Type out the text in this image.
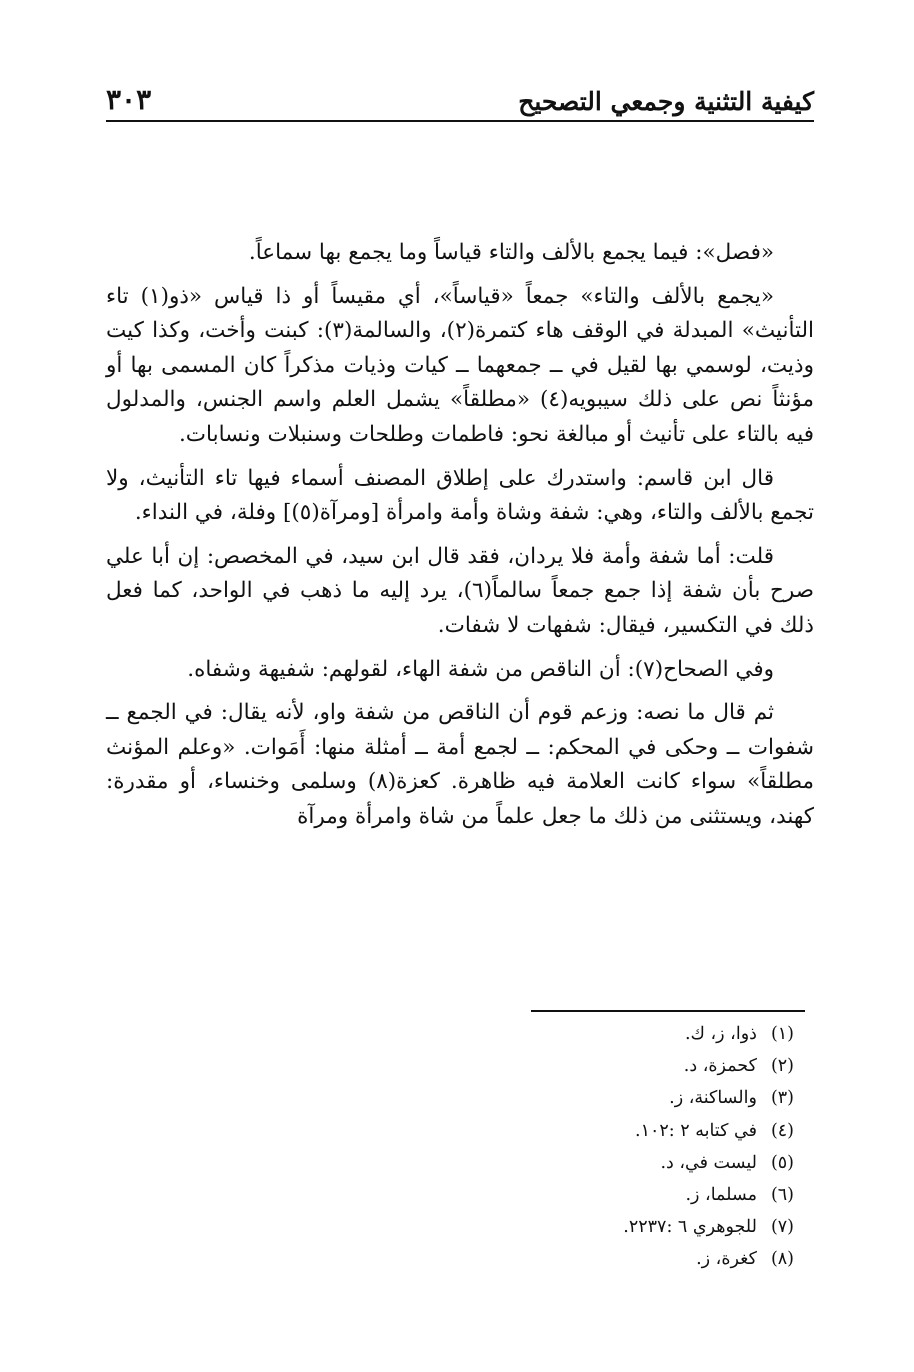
كيفية التثنية وجمعي التصحيح
٣٠٣

«فصل»: فيما يجمع بالألف والتاء قياساً وما يجمع بها سماعاً.

«يجمع بالألف والتاء» جمعاً «قياساً»، أي مقيساً أو ذا قياس «ذو(١) تاء التأنيث» المبدلة في الوقف هاء كتمرة(٢)، والسالمة(٣): كبنت وأخت، وكذا كيت وذيت، لوسمي بها لقيل في ــ جمعهما ــ كيات وذيات مذكراً كان المسمى بها أو مؤنثاً نص على ذلك سيبويه(٤) «مطلقاً» يشمل العلم واسم الجنس، والمدلول فيه بالتاء على تأنيث أو مبالغة نحو: فاطمات وطلحات وسنبلات ونسابات.

قال ابن قاسم: واستدرك على إطلاق المصنف أسماء فيها تاء التأنيث، ولا تجمع بالألف والتاء، وهي: شفة وشاة وأمة وامرأة [ومرآة(٥)] وفلة، في النداء.

قلت: أما شفة وأمة فلا يردان، فقد قال ابن سيد، في المخصص: إن أبا علي صرح بأن شفة إذا جمع جمعاً سالماً(٦)، يرد إليه ما ذهب في الواحد، كما فعل ذلك في التكسير، فيقال: شفهات لا شفات.

وفي الصحاح(٧): أن الناقص من شفة الهاء، لقولهم: شفيهة وشفاه.

ثم قال ما نصه: وزعم قوم أن الناقص من شفة واو، لأنه يقال: في الجمع ــ شفوات ــ وحكى في المحكم: ــ لجمع أمة ــ أمثلة منها: أَمَوات. «وعلم المؤنث مطلقاً» سواء كانت العلامة فيه ظاهرة. كعزة(٨) وسلمى وخنساء، أو مقدرة: كهند، ويستثنى من ذلك ما جعل علماً من شاة وامرأة ومرآة

(١)ذوا، ز، ك.
(٢)كحمزة، د.
(٣)والساكنة، ز.
(٤)في كتابه ٢ :١٠٢.
(٥)ليست في، د.
(٦)مسلما، ز.
(٧)للجوهري ٦ :٢٢٣٧.
(٨)كغرة، ز.
